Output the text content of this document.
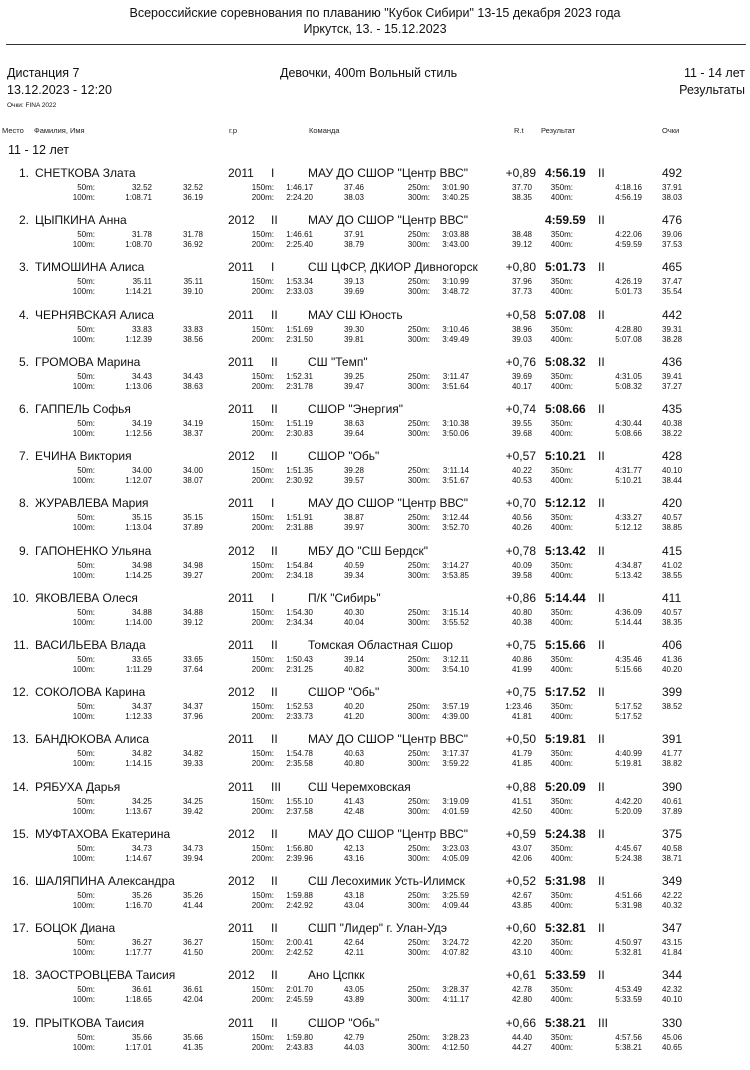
Всероссийские соревнования по плаванию "Кубок Сибири" 13-15 декабря 2023 года
Иркутск, 13. - 15.12.2023
Дистанция 7
13.12.2023 - 12:20
Девочки, 400m Вольный стиль	11 - 14 лет
Результаты
Очки: FINA 2022
Место Фамилия, Имя	г.р	Команда	R.t Результат	Очки
11 - 12 лет
1. СНЕТКОВА Злата	2011 I	МАУ ДО СШОР "Центр ВВС"	+0,89 4:56.19 II	492
50m:	32.52	32.52	150m: 1:46.17	37.46	250m: 3:01.90	37.70 350m:	4:18.16	37.91
100m:	1:08.71	36.19	200m: 2:24.20	38.03	300m: 3:40.25	38.35 400m:	4:56.19	38.03
2. ЦЫПКИНА Анна	2012 II	МАУ ДО СШОР "Центр ВВС"	4:59.59 II	476
50m:	31.78	31.78	150m: 1:46.61	37.91	250m: 3:03.88	38.48 350m:	4:22.06	39.06
100m:	1:08.70	36.92	200m: 2:25.40	38.79	300m: 3:43.00	39.12 400m:	4:59.59	37.53
3. ТИМОШИНА Алиса	2011 I	СШ ЦФСР, ДКИОР Дивногорск +0,80 5:01.73 II	465
50m:	35.11	35.11	150m: 1:53.34	39.13	250m: 3:10.99	37.96 350m:	4:26.19	37.47
100m:	1:14.21	39.10	200m: 2:33.03	39.69	300m: 3:48.72	37.73 400m:	5:01.73	35.54
4. ЧЕРНЯВСКАЯ Алиса	2011 II	МАУ СШ Юность	+0,58 5:07.08 II	442
50m:	33.83	33.83	150m: 1:51.69	39.30	250m: 3:10.46	38.96 350m:	4:28.80	39.31
100m:	1:12.39	38.56	200m: 2:31.50	39.81	300m: 3:49.49	39.03 400m:	5:07.08	38.28
5. ГРОМОВА Марина	2011 II	СШ "Темп"	+0,76 5:08.32 II	436
50m:	34.43	34.43	150m: 1:52.31	39.25	250m: 3:11.47	39.69 350m:	4:31.05	39.41
100m:	1:13.06	38.63	200m: 2:31.78	39.47	300m: 3:51.64	40.17 400m:	5:08.32	37.27
6. ГАППЕЛЬ Софья	2011 II	СШОР "Энергия"	+0,74 5:08.66 II	435
50m:	34.19	34.19	150m: 1:51.19	38.63	250m: 3:10.38	39.55 350m:	4:30.44	40.38
100m:	1:12.56	38.37	200m: 2:30.83	39.64	300m: 3:50.06	39.68 400m:	5:08.66	38.22
7. ЕЧИНА Виктория	2012 II	СШОР "Обь"	+0,57 5:10.21 II	428
50m:	34.00	34.00	150m: 1:51.35	39.28	250m: 3:11.14	40.22 350m:	4:31.77	40.10
100m:	1:12.07	38.07	200m: 2:30.92	39.57	300m: 3:51.67	40.53 400m:	5:10.21	38.44
8. ЖУРАВЛЕВА Мария	2011 I	МАУ ДО СШОР "Центр ВВС"	+0,70 5:12.12 II	420
50m:	35.15	35.15	150m: 1:51.91	38.87	250m: 3:12.44	40.56 350m:	4:33.27	40.57
100m:	1:13.04	37.89	200m: 2:31.88	39.97	300m: 3:52.70	40.26 400m:	5:12.12	38.85
9. ГАПОНЕНКО Ульяна	2012 II	МБУ ДО "СШ Бердск"	+0,78 5:13.42 II	415
50m:	34.98	34.98	150m: 1:54.84	40.59	250m: 3:14.27	40.09 350m:	4:34.87	41.02
100m:	1:14.25	39.27	200m: 2:34.18	39.34	300m: 3:53.85	39.58 400m:	5:13.42	38.55
10. ЯКОВЛЕВА Олеся	2011 I	П/К "Сибирь"	+0,86 5:14.44 II	411
50m:	34.88	34.88	150m: 1:54.30	40.30	250m: 3:15.14	40.80 350m:	4:36.09	40.57
100m:	1:14.00	39.12	200m: 2:34.34	40.04	300m: 3:55.52	40.38 400m:	5:14.44	38.35
11. ВАСИЛЬЕВА Влада	2011 II	Томская Областная Сшор	+0,75 5:15.66 II	406
50m:	33.65	33.65	150m: 1:50.43	39.14	250m: 3:12.11	40.86 350m:	4:35.46	41.36
100m:	1:11.29	37.64	200m: 2:31.25	40.82	300m: 3:54.10	41.99 400m:	5:15.66	40.20
12. СОКОЛОВА Карина	2012 II	СШОР "Обь"	+0,75 5:17.52 II	399
50m:	34.37	34.37	150m: 1:52.53	40.20	250m: 3:57.19	1:23.46 350m:	5:17.52	38.52
100m:	1:12.33	37.96	200m: 2:33.73	41.20	300m: 4:39.00	41.81 400m:	5:17.52
13. БАНДЮКОВА Алиса	2011 II	МАУ ДО СШОР "Центр ВВС"	+0,50 5:19.81 II	391
50m:	34.82	34.82	150m: 1:54.78	40.63	250m: 3:17.37	41.79 350m:	4:40.99	41.77
100m:	1:14.15	39.33	200m: 2:35.58	40.80	300m: 3:59.22	41.85 400m:	5:19.81	38.82
14. РЯБУХА Дарья	2011 III СШ Черемховская	+0,88 5:20.09 II	390
50m:	34.25	34.25	150m: 1:55.10	41.43	250m: 3:19.09	41.51 350m:	4:42.20	40.61
100m:	1:13.67	39.42	200m: 2:37.58	42.48	300m: 4:01.59	42.50 400m:	5:20.09	37.89
15. МУФТАХОВА Екатерина	2012 II	МАУ ДО СШОР "Центр ВВС"	+0,59 5:24.38 II	375
50m:	34.73	34.73	150m: 1:56.80	42.13	250m: 3:23.03	43.07 350m:	4:45.67	40.58
100m:	1:14.67	39.94	200m: 2:39.96	43.16	300m: 4:05.09	42.06 400m:	5:24.38	38.71
16. ШАЛЯПИНА Александра	2012 II	СШ Лесохимик Усть-Илимск	+0,52 5:31.98 II	349
50m:	35.26	35.26	150m: 1:59.88	43.18	250m: 3:25.59	42.67 350m:	4:51.66	42.22
100m:	1:16.70	41.44	200m: 2:42.92	43.04	300m: 4:09.44	43.85 400m:	5:31.98	40.32
17. БОЦОК Диана	2011 II	СШП "Лидер" г. Улан-Удэ	+0,60 5:32.81 II	347
50m:	36.27	36.27	150m: 2:00.41	42.64	250m: 3:24.72	42.20 350m:	4:50.97	43.15
100m:	1:17.77	41.50	200m: 2:42.52	42.11	300m: 4:07.82	43.10 400m:	5:32.81	41.84
18. ЗАОСТРОВЦЕВА Таисия	2012 II	Ано Цспкк	+0,61 5:33.59 II	344
50m:	36.61	36.61	150m: 2:01.70	43.05	250m: 3:28.37	42.78 350m:	4:53.49	42.32
100m:	1:18.65	42.04	200m: 2:45.59	43.89	300m: 4:11.17	42.80 400m:	5:33.59	40.10
19. ПРЫТКОВА Таисия	2011 II	СШОР "Обь"	+0,66 5:38.21 III	330
50m:	35.66	35.66	150m: 1:59.80	42.79	250m: 3:28.23	44.40 350m:	4:57.56	45.06
100m:	1:17.01	41.35	200m: 2:43.83	44.03	300m: 4:12.50	44.27 400m:	5:38.21	40.65
